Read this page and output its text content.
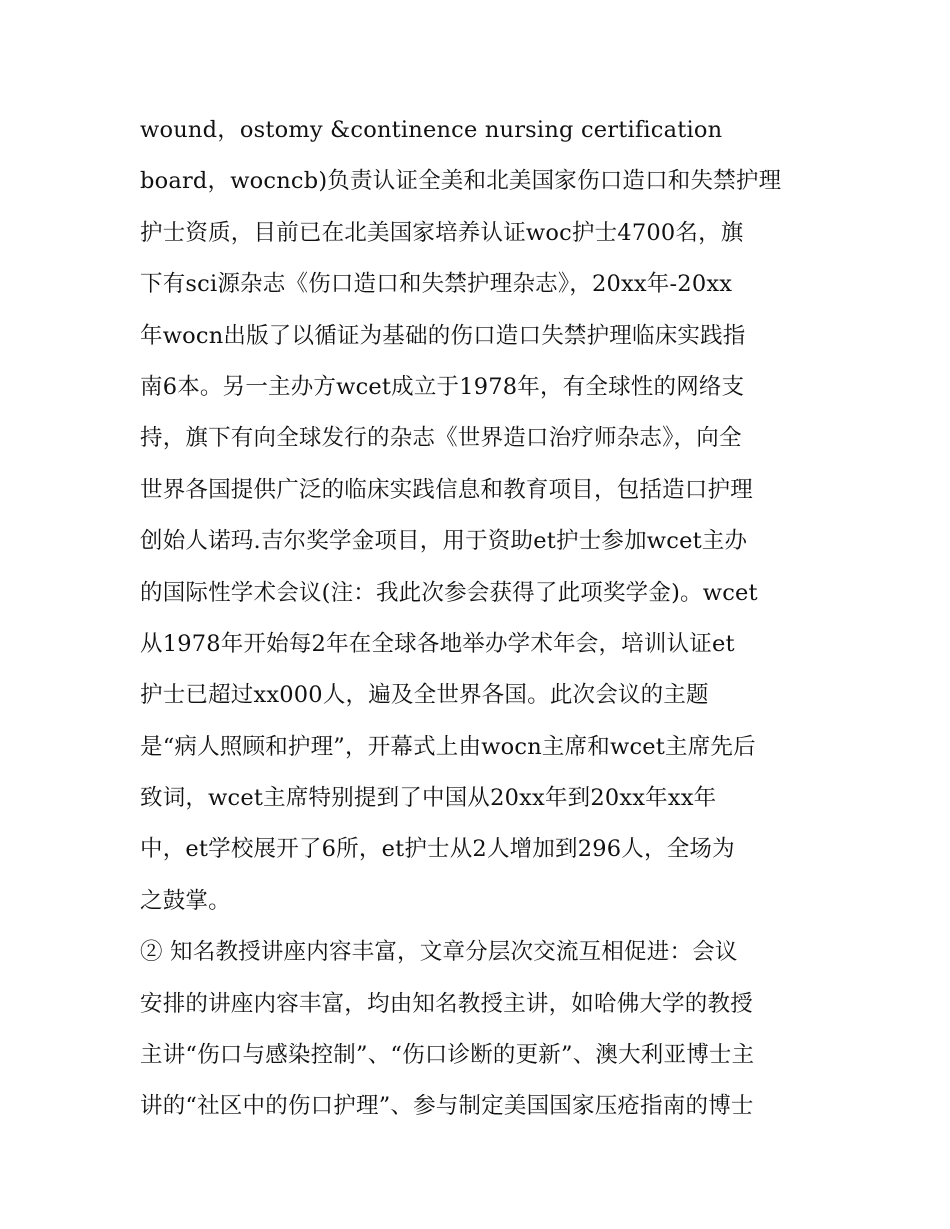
wound，ostomy &continence nursing certification
board，wocncb)负责认证全美和北美国家伤口造口和失禁护理
护士资质，目前已在北美国家培养认证woc护士4700名，旗
下有sci源杂志《伤口造口和失禁护理杂志》，20xx年-20xx
年wocn出版了以循证为基础的伤口造口失禁护理临床实践指
南6本。另一主办方wcet成立于1978年，有全球性的网络支
持，旗下有向全球发行的杂志《世界造口治疗师杂志》，向全
世界各国提供广泛的临床实践信息和教育项目，包括造口护理
创始人诺玛.吉尔奖学金项目，用于资助et护士参加wcet主办
的国际性学术会议(注：我此次参会获得了此项奖学金)。wcet
从1978年开始每2年在全球各地举办学术年会，培训认证et
护士已超过xx000人，遍及全世界各国。此次会议的主题
是“病人照顾和护理”，开幕式上由wocn主席和wcet主席先后
致词，wcet主席特别提到了中国从20xx年到20xx年xx年
中，et学校展开了6所，et护士从2人增加到296人，全场为
之鼓掌。
② 知名教授讲座内容丰富，文章分层次交流互相促进：会议
安排的讲座内容丰富，均由知名教授主讲，如哈佛大学的教授
主讲“伤口与感染控制”、“伤口诊断的更新”、澳大利亚博士主
讲的“社区中的伤口护理”、参与制定美国国家压疮指南的博士
